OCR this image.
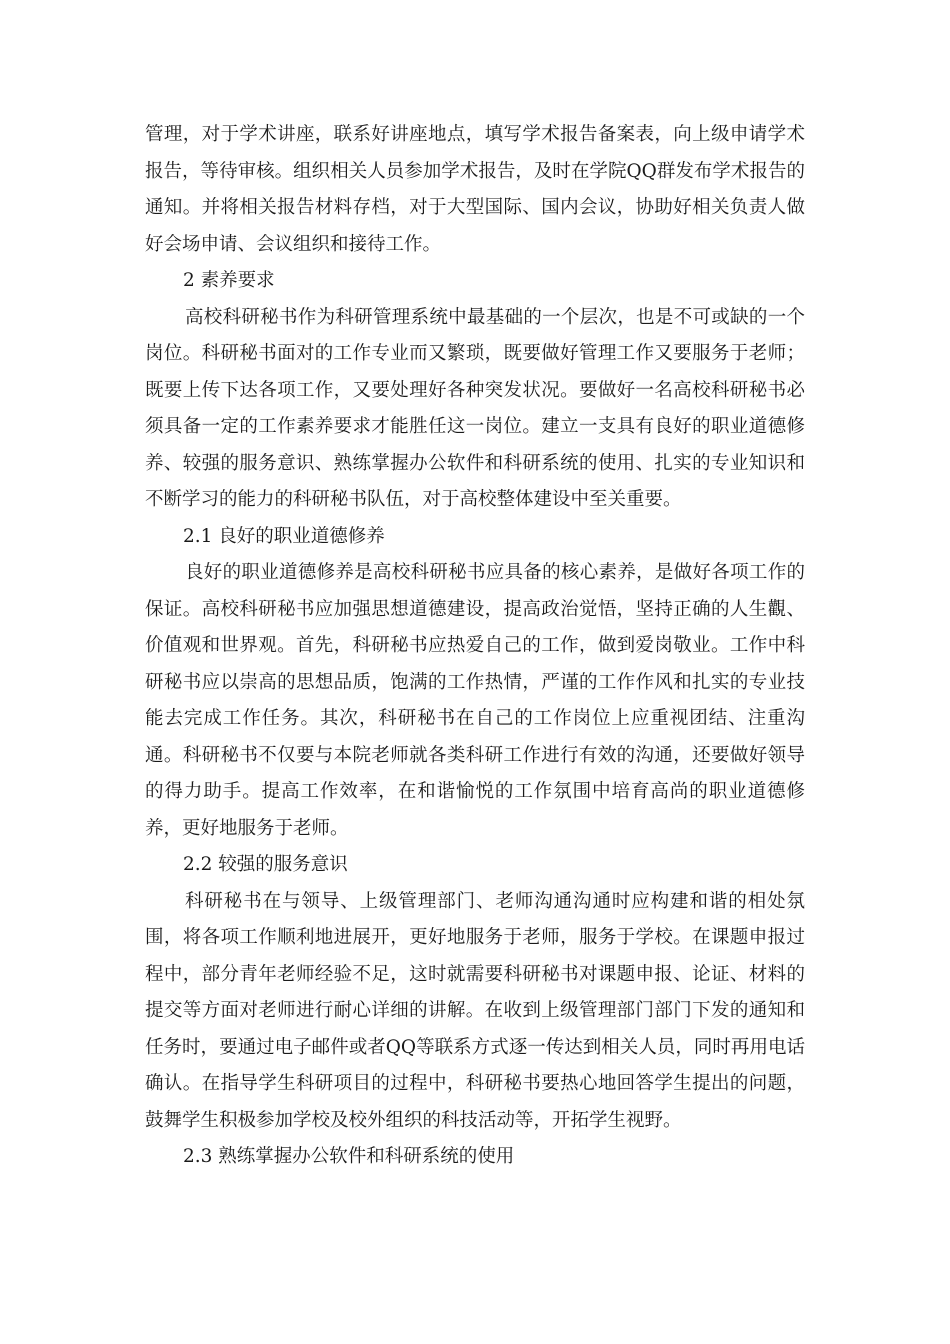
管理，对于学术讲座，联系好讲座地点，填写学术报告备案表，向上级申请学术报告，等待审核。组织相关人员参加学术报告，及时在学院QQ群发布学术报告的通知。并将相关报告材料存档，对于大型国际、国内会议，协助好相关负责人做好会场申请、会议组织和接待工作。

2 素养要求

高校科研秘书作为科研管理系统中最基础的一个层次，也是不可或缺的一个岗位。科研秘书面对的工作专业而又繁琐，既要做好管理工作又要服务于老师；既要上传下达各项工作，又要处理好各种突发状况。要做好一名高校科研秘书必须具备一定的工作素养要求才能胜任这一岗位。建立一支具有良好的职业道德修养、较强的服务意识、熟练掌握办公软件和科研系统的使用、扎实的专业知识和不断学习的能力的科研秘书队伍，对于高校整体建设中至关重要。

2.1 良好的职业道德修养

良好的职业道德修养是高校科研秘书应具备的核心素养，是做好各项工作的保证。高校科研秘书应加强思想道德建设，提高政治觉悟，坚持正确的人生觀、价值观和世界观。首先，科研秘书应热爱自己的工作，做到爱岗敬业。工作中科研秘书应以崇高的思想品质，饱满的工作热情，严谨的工作作风和扎实的专业技能去完成工作任务。其次，科研秘书在自己的工作岗位上应重视团结、注重沟通。科研秘书不仅要与本院老师就各类科研工作进行有效的沟通，还要做好领导的得力助手。提高工作效率，在和谐愉悦的工作氛围中培育高尚的职业道德修养，更好地服务于老师。

2.2 较强的服务意识

科研秘书在与领导、上级管理部门、老师沟通沟通时应构建和谐的相处氛围，将各项工作顺利地进展开，更好地服务于老师，服务于学校。在课题申报过程中，部分青年老师经验不足，这时就需要科研秘书对课题申报、论证、材料的提交等方面对老师进行耐心详细的讲解。在收到上级管理部门部门下发的通知和任务时，要通过电子邮件或者QQ等联系方式逐一传达到相关人员，同时再用电话确认。在指导学生科研项目的过程中，科研秘书要热心地回答学生提出的问题，鼓舞学生积极参加学校及校外组织的科技活动等，开拓学生视野。

2.3 熟练掌握办公软件和科研系统的使用
